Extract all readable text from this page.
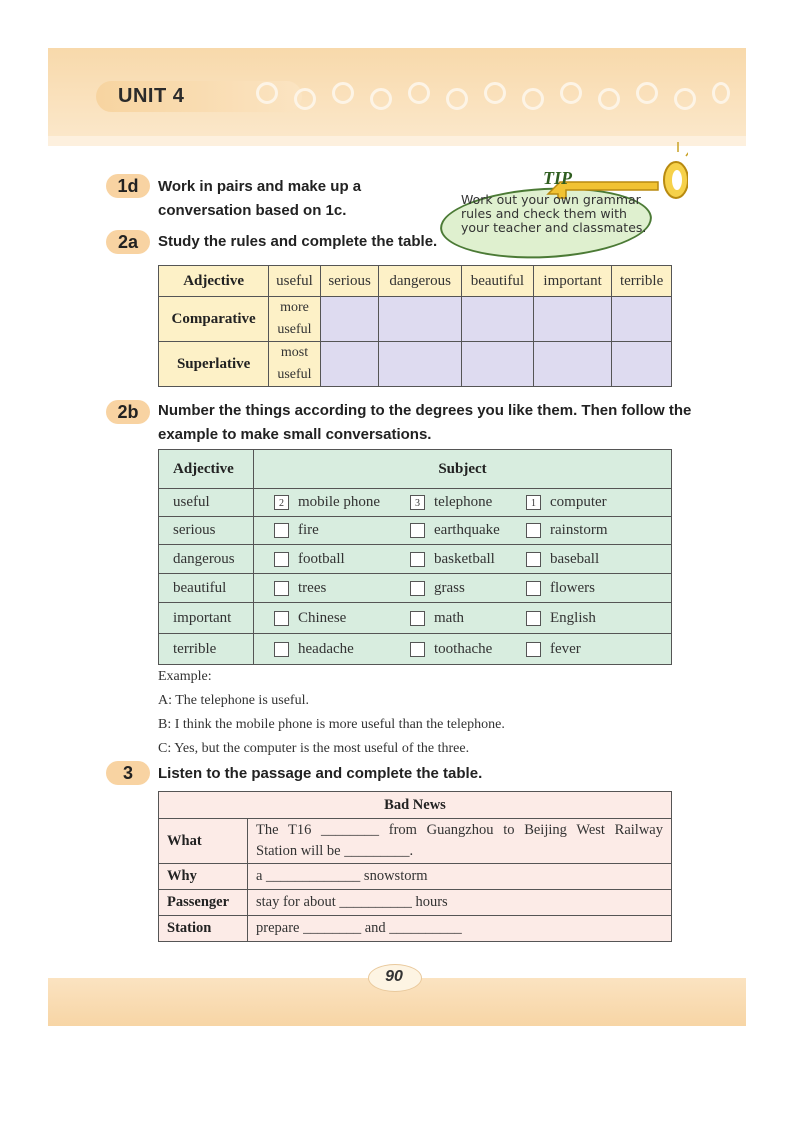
UNIT 4
1d	Work in pairs and make up a
conversation based on 1c.
TIP
Work out your own grammar rules and check them with your teacher and classmates.
2a	Study the rules and complete the table.
Adjective	useful	serious	dangerous	beautiful	important	terrible
Comparative	more
useful					

Superlative	most
useful					

2b	Number the things according to the degrees you like them. Then follow the
example to make small conversations.
Adjective	Subject
useful	2 mobile phone 3 telephone 1 computer
serious	fire earthquake rainstorm
dangerous	football basketball baseball
beautiful	trees grass flowers
important	Chinese math English
terrible	headache toothache fever
3	Listen to the passage and complete the table.
Example:
A: The telephone is useful.
B: I think the mobile phone is more useful than the telephone.
C: Yes, but the computer is the most useful of the three.
Bad News	
What	The T16 ________ from Guangzhou to Beijing West Railway
Station will be _________.

Why	a _____________ snowstorm
Passenger	stay for about __________ hours
Station	prepare ________ and __________
90
